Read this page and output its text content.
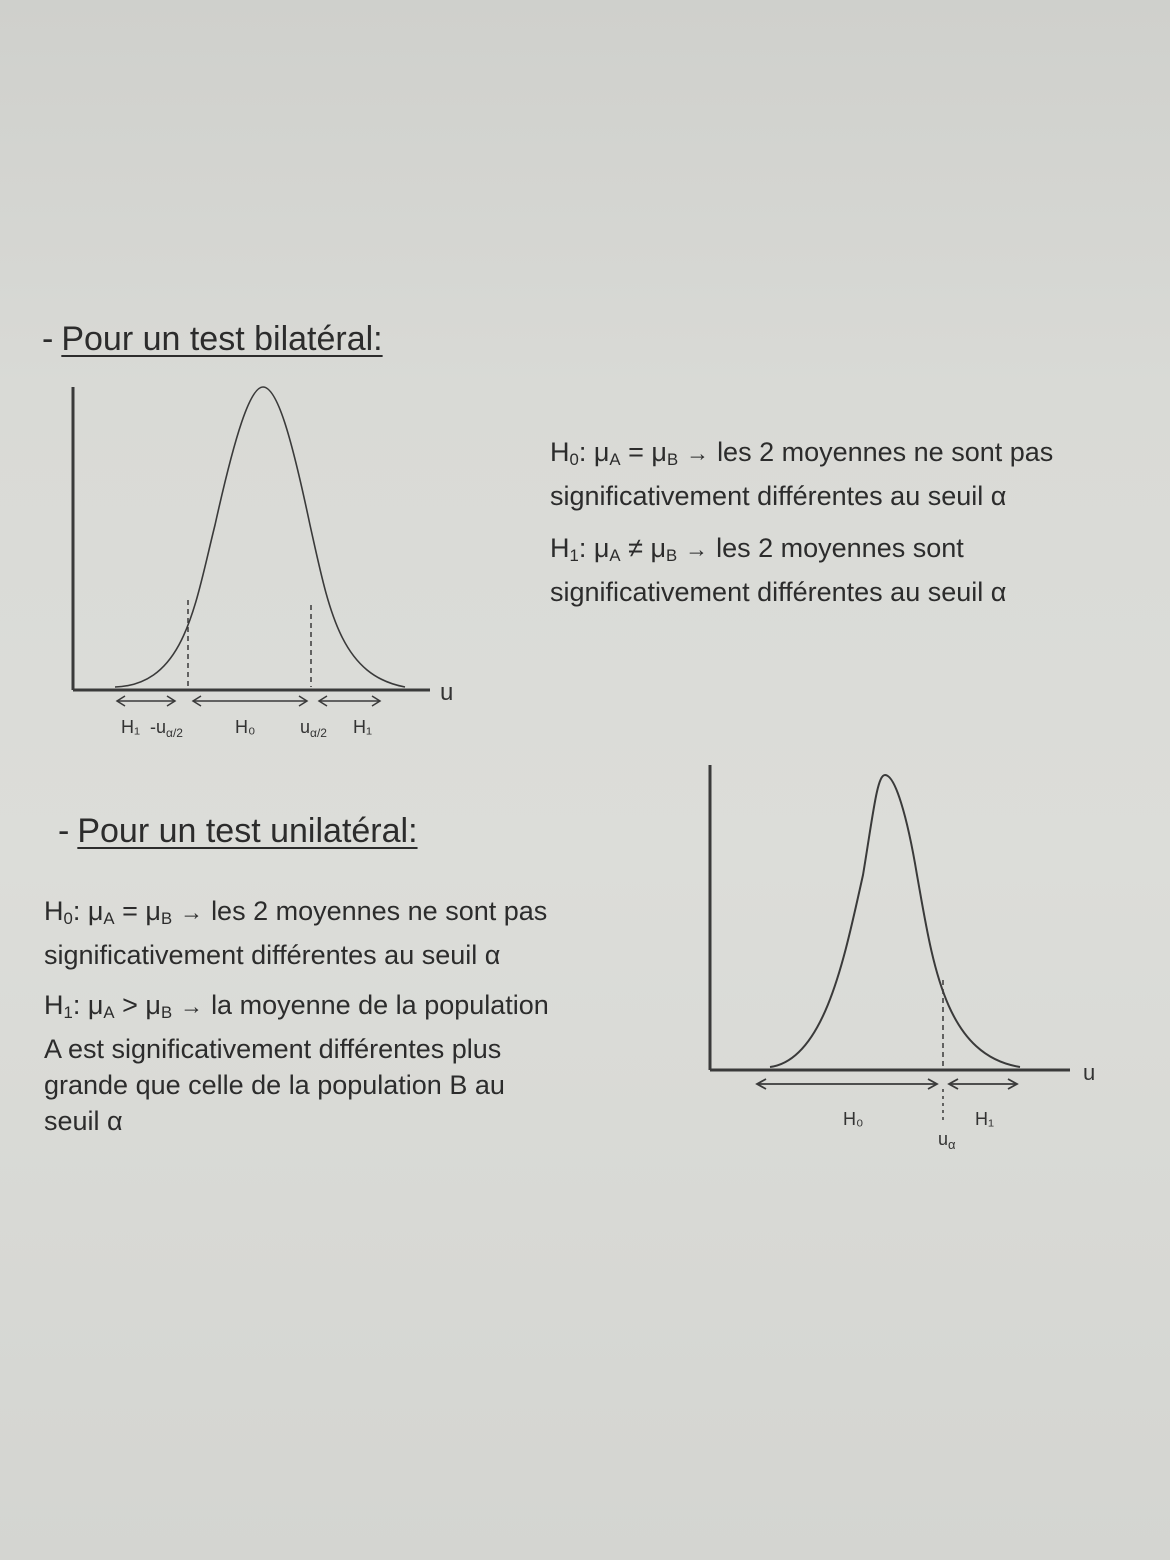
- Pour un test bilatéral:
u
H₁ $-u_{\alpha/2}$	H₀ $u_{\alpha/2}$ H₁
$H_0$: $\mu_A = \mu_B$ → les 2 moyennes ne sont pas
significativement différentes au seuil α
$H_1$: $\mu_A \ne \mu_B$ → les 2 moyennes sont
significativement différentes au seuil α
- Pour un test unilatéral:
$H_0$: $\mu_A = \mu_B$ → les 2 moyennes ne sont pas
significativement différentes au seuil α
$H_1$: $\mu_A > \mu_B$ → la moyenne de la population
A est significativement différentes plus
grande que celle de la population B au
seuil α
u
H₀
$u_\alpha$
H₁
